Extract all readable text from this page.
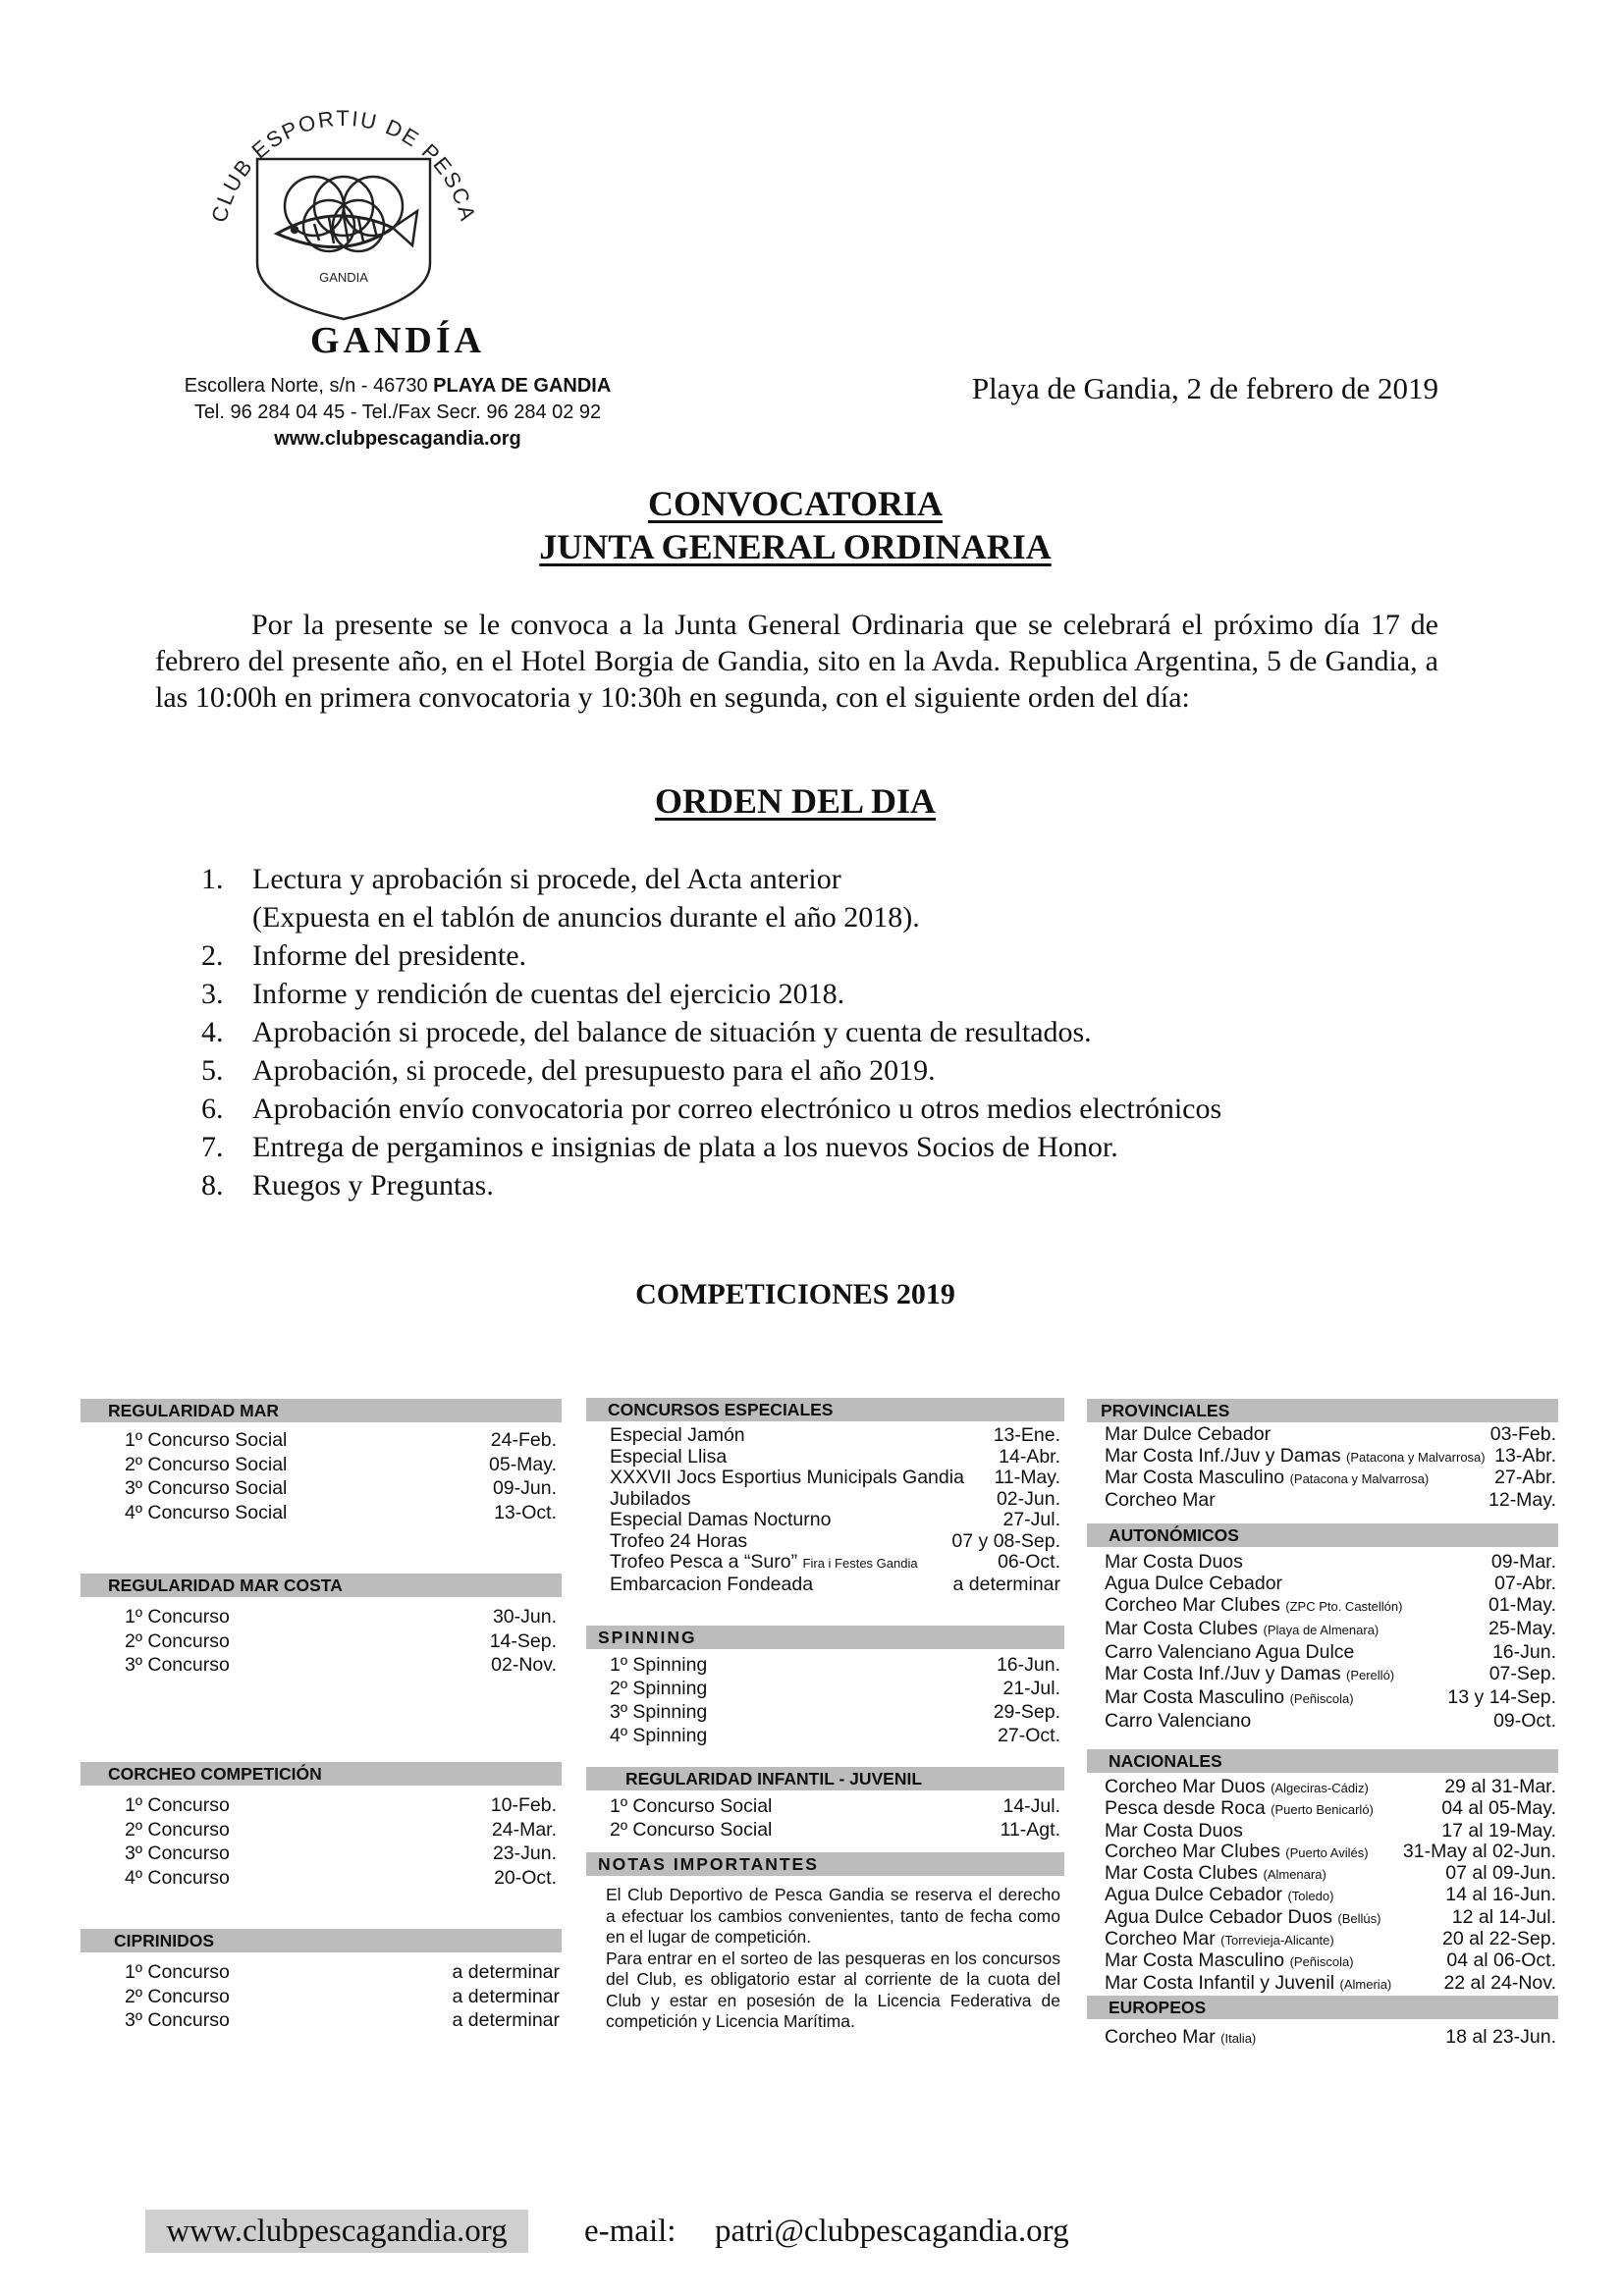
CLUB ESPORTIU DE PESCA
GANDIA
GANDÍA
Escollera Norte, s/n - 46730 PLAYA DE GANDIA
Tel. 96 284 04 45 - Tel./Fax Secr. 96 284 02 92
www.clubpescagandia.org
Playa de Gandia, 2 de febrero de 2019
CONVOCATORIA
JUNTA GENERAL ORDINARIA

Por la presente se le convoca a la Junta General Ordinaria que se celebrará el próximo día 17 de febrero del presente año, en el Hotel Borgia de Gandia, sito en la Avda. Republica Argentina, 5 de Gandia, a las 10:00h en primera convocatoria y 10:30h en segunda, con el siguiente orden del día:

ORDEN DEL DIA
1. Lectura y aprobación si procede, del Acta anterior
(Expuesta en el tablón de anuncios durante el año 2018).
2. Informe del presidente.
3. Informe y rendición de cuentas del ejercicio 2018.
4. Aprobación si procede, del balance de situación y cuenta de resultados.
5. Aprobación, si procede, del presupuesto para el año 2019.
6. Aprobación envío convocatoria por correo electrónico u otros medios electrónicos
7. Entrega de pergaminos e insignias de plata a los nuevos Socios de Honor.
8. Ruegos y Preguntas.
COMPETICIONES 2019
REGULARIDAD MAR
1º Concurso Social	24-Feb.
2º Concurso Social	05-May.
3º Concurso Social	09-Jun.
4º Concurso Social	13-Oct.
REGULARIDAD MAR COSTA
1º Concurso	30-Jun.
2º Concurso	14-Sep.
3º Concurso	02-Nov.
CORCHEO COMPETICIÓN
1º Concurso	10-Feb.
2º Concurso	24-Mar.
3º Concurso	23-Jun.
4º Concurso	20-Oct.
CIPRINIDOS
1º Concurso	a determinar
2º Concurso	a determinar
3º Concurso	a determinar
CONCURSOS ESPECIALES
Especial Jamón	13-Ene.
Especial Llisa	14-Abr.
XXXVII Jocs Esportius Municipals Gandia 11-May.
Jubilados	02-Jun.
Especial Damas Nocturno	27-Jul.
Trofeo 24 Horas	07 y 08-Sep.
Trofeo Pesca a “Suro” Fira i Festes Gandia	06-Oct.
Embarcacion Fondeada	a determinar
SPINNING
1º Spinning	16-Jun.
2º Spinning	21-Jul.
3º Spinning	29-Sep.
4º Spinning	27-Oct.
REGULARIDAD INFANTIL - JUVENIL
1º Concurso Social	14-Jul.
2º Concurso Social	11-Agt.
NOTAS IMPORTANTES

El Club Deportivo de Pesca Gandia se reserva el derecho a efectuar los cambios convenientes, tanto de fecha como en el lugar de competición.

Para entrar en el sorteo de las pesqueras en los concursos del Club, es obligatorio estar al corriente de la cuota del Club y estar en posesión de la Licencia Federativa de competición y Licencia Marítima.

PROVINCIALES
Mar Dulce Cebador	03-Feb.
Mar Costa Inf./Juv y Damas (Patacona y Malvarrosa) 13-Abr.
Mar Costa Masculino (Patacona y Malvarrosa)	27-Abr.
Corcheo Mar	12-May.
AUTONÓMICOS
Mar Costa Duos	09-Mar.
Agua Dulce Cebador	07-Abr.
Corcheo Mar Clubes (ZPC Pto. Castellón)	01-May.
Mar Costa Clubes (Playa de Almenara)	25-May.
Carro Valenciano Agua Dulce	16-Jun.
Mar Costa Inf./Juv y Damas (Perelló)	07-Sep.
Mar Costa Masculino (Peñiscola)	13 y 14-Sep.
Carro Valenciano	09-Oct.
NACIONALES
Corcheo Mar Duos (Algeciras-Cádiz)	29 al 31-Mar.
Pesca desde Roca (Puerto Benicarló)	04 al 05-May.
Mar Costa Duos	17 al 19-May.
Corcheo Mar Clubes (Puerto Avilés) 31-May al 02-Jun.
Mar Costa Clubes (Almenara)	07 al 09-Jun.
Agua Dulce Cebador (Toledo)	14 al 16-Jun.
Agua Dulce Cebador Duos (Bellús)	12 al 14-Jul.
Corcheo Mar (Torrevieja-Alicante)	20 al 22-Sep.
Mar Costa Masculino (Peñiscola)	04 al 06-Oct.
Mar Costa Infantil y Juvenil (Almeria)	22 al 24-Nov.
EUROPEOS
Corcheo Mar (Italia)	18 al 23-Jun.
www.clubpescagandia.org	e-mail: patri@clubpescagandia.org
